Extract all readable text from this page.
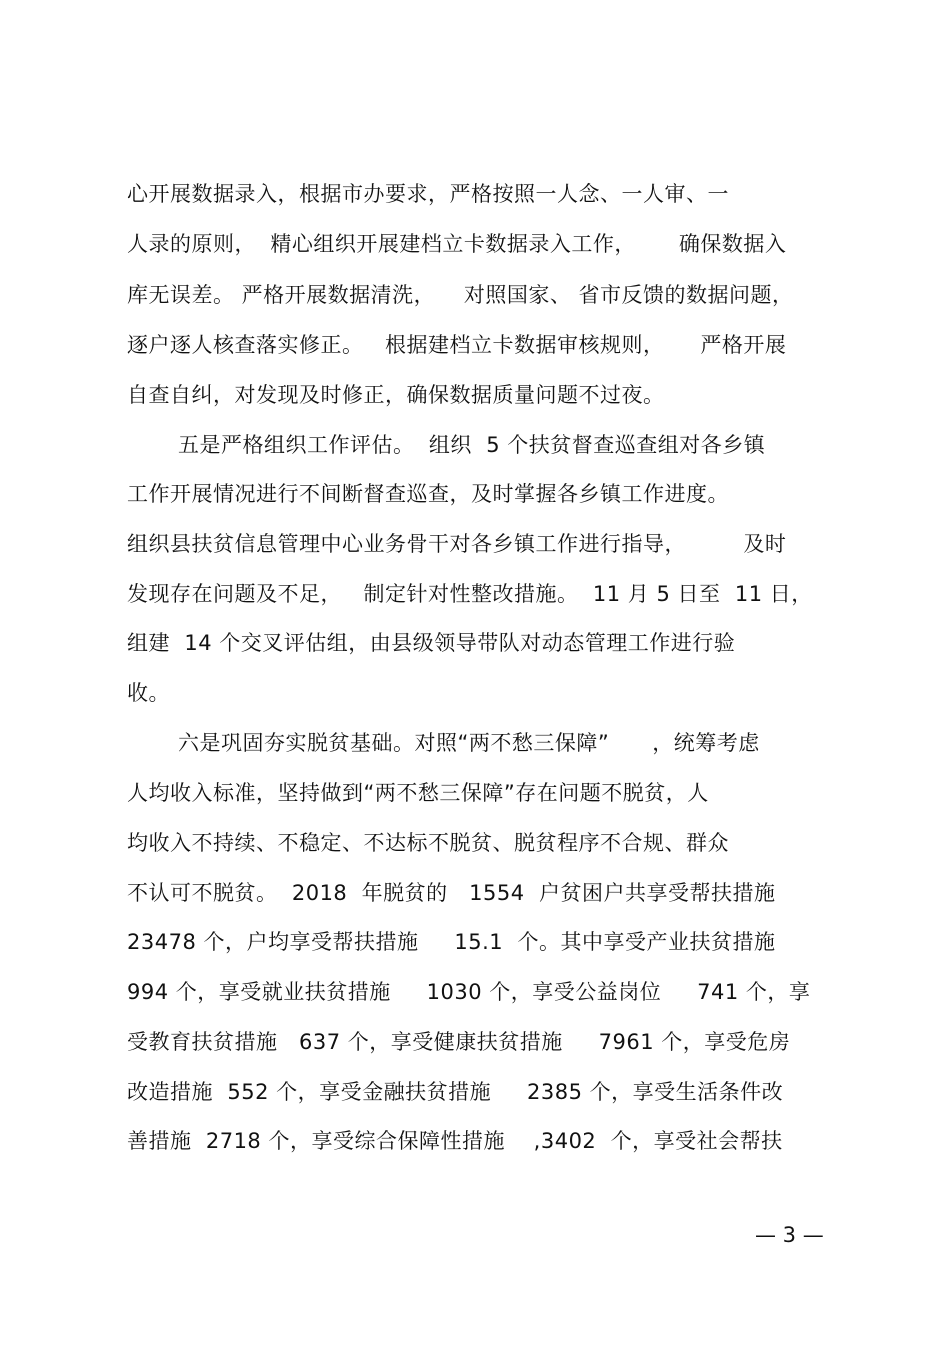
心开展数据录入，根据市办要求，严格按照一人念、一人审、一
人录的原则，  精心组织开展建档立卡数据录入工作，      确保数据入
库无误差。 严格开展数据清洗，    对照国家、 省市反馈的数据问题，
逐户逐人核查落实修正。   根据建档立卡数据审核规则，     严格开展
自查自纠，对发现及时修正，确保数据质量问题不过夜。
五是严格组织工作评估。  组织  5 个扶贫督查巡查组对各乡镇
工作开展情况进行不间断督查巡查，及时掌握各乡镇工作进度。
组织县扶贫信息管理中心业务骨干对各乡镇工作进行指导，        及时
发现存在问题及不足，   制定针对性整改措施。  11 月 5 日至  11 日，
组建  14 个交叉评估组，由县级领导带队对动态管理工作进行验
收。
六是巩固夯实脱贫基础。对照“两不愁三保障”      ，统筹考虑
人均收入标准，坚持做到“两不愁三保障”存在问题不脱贫，人
均收入不持续、不稳定、不达标不脱贫、脱贫程序不合规、群众
不认可不脱贫。  2018  年脱贫的   1554  户贫困户共享受帮扶措施
23478 个，户均享受帮扶措施     15.1  个。其中享受产业扶贫措施
994 个，享受就业扶贫措施     1030 个，享受公益岗位     741 个，享
受教育扶贫措施   637 个，享受健康扶贫措施     7961 个，享受危房
改造措施  552 个，享受金融扶贫措施     2385 个，享受生活条件改
善措施  2718 个，享受综合保障性措施    ,3402  个，享受社会帮扶
— 3 —
